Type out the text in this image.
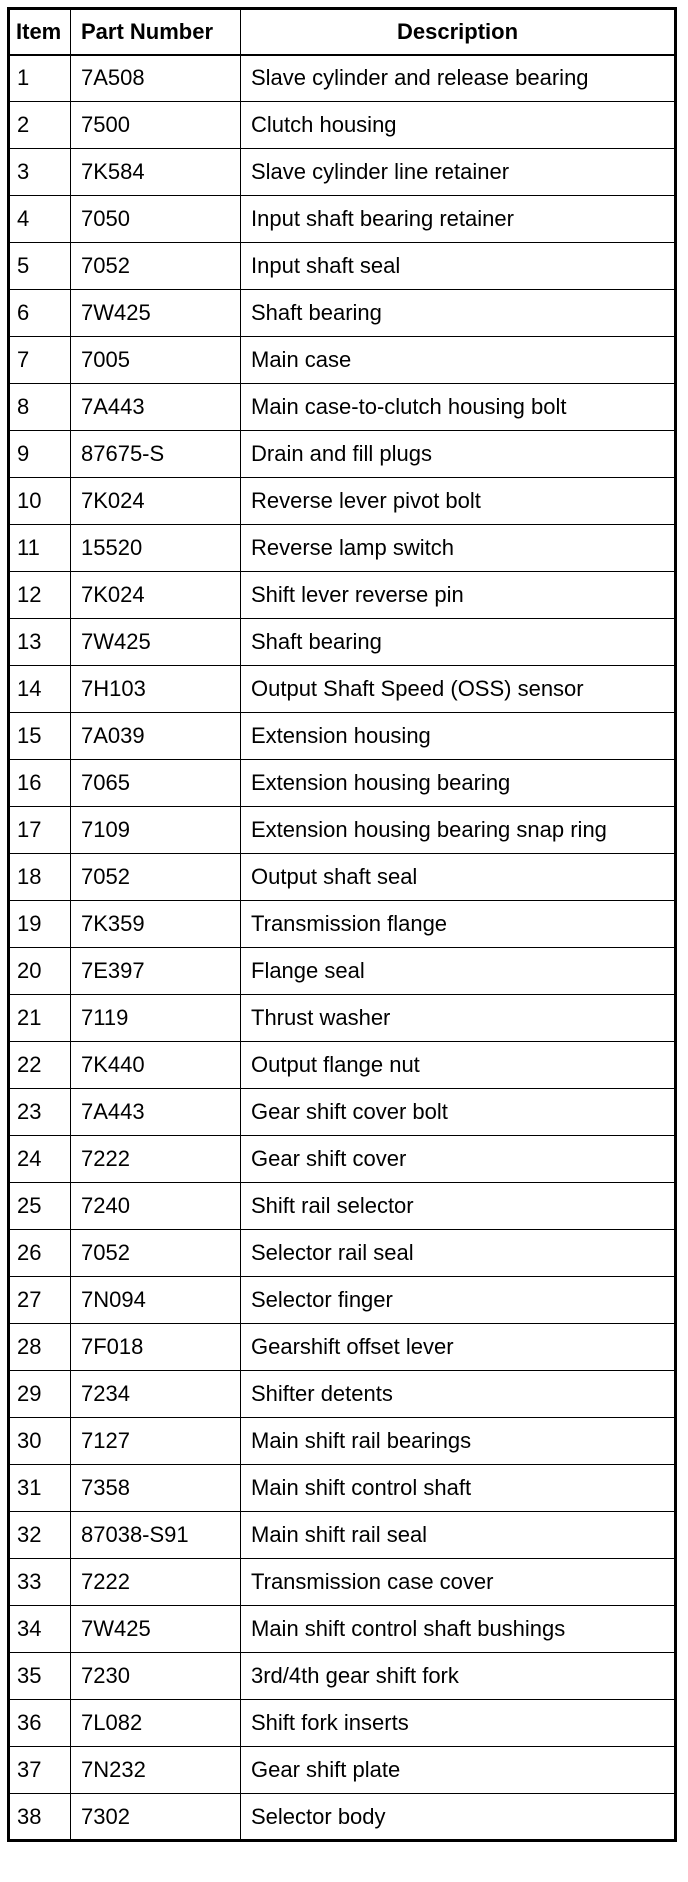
Item	Part Number	Description
1	7A508	Slave cylinder and release bearing
2	7500	Clutch housing
3	7K584	Slave cylinder line retainer
4	7050	Input shaft bearing retainer
5	7052	Input shaft seal
6	7W425	Shaft bearing
7	7005	Main case
8	7A443	Main case-to-clutch housing bolt
9	87675-S	Drain and fill plugs
10	7K024	Reverse lever pivot bolt
11	15520	Reverse lamp switch
12	7K024	Shift lever reverse pin
13	7W425	Shaft bearing
14	7H103	Output Shaft Speed (OSS) sensor
15	7A039	Extension housing
16	7065	Extension housing bearing
17	7109	Extension housing bearing snap ring
18	7052	Output shaft seal
19	7K359	Transmission flange
20	7E397	Flange seal
21	7119	Thrust washer
22	7K440	Output flange nut
23	7A443	Gear shift cover bolt
24	7222	Gear shift cover
25	7240	Shift rail selector
26	7052	Selector rail seal
27	7N094	Selector finger
28	7F018	Gearshift offset lever
29	7234	Shifter detents
30	7127	Main shift rail bearings
31	7358	Main shift control shaft
32	87038-S91	Main shift rail seal
33	7222	Transmission case cover
34	7W425	Main shift control shaft bushings
35	7230	3rd/4th gear shift fork
36	7L082	Shift fork inserts
37	7N232	Gear shift plate
38	7302	Selector body
